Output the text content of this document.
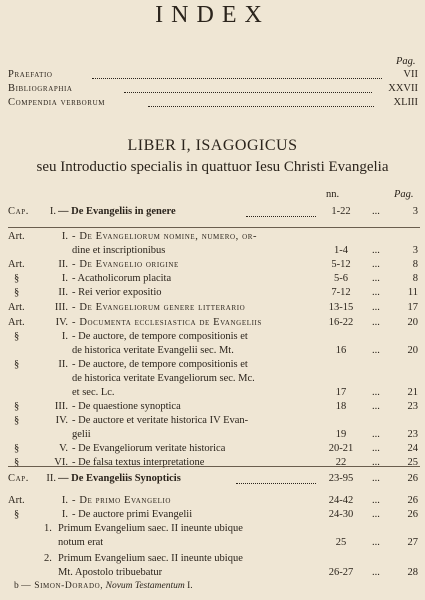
INDEX
Pag.
Praefatio	VII
Bibliographia	XXVII
Compendia verborum	XLIII
LIBER I, ISAGOGICUS
seu Introductio specialis in quattuor Iesu Christi Evangelia
nn.	Pag.
Cap.	I. — De Evangeliis in genere	1-22	...	3
Art.	I. - De Evangeliorum nomine, numero, or-
dine et inscriptionibus	1-4	...	3
Art.	II. - De Evangelio origine	5-12	...	8
§	I. - Acatholicorum placita	5-6	...	8
§	II. - Rei verior expositio	7-12	...	11
Art.	III. - De Evangeliorum genere litterario	13-15	...	17
Art.	IV. - Documenta ecclesiastica de Evangeliis	16-22	...	20
§	I. - De auctore, de tempore compositionis et
de historica veritate Evangelii sec. Mt.	16	...	20
§	II. - De auctore, de tempore compositionis et
de historica veritate Evangeliorum sec. Mc.
et sec. Lc.	17	...	21
§	III. - De quaestione synoptica	18	...	23
§	IV. - De auctore et veritate historica IV Evan-
gelii	19	...	23
§	V. - De Evangeliorum veritate historica	20-21	...	24
§	VI. - De falsa textus interpretatione	22	...	25
Cap.	II. — De Evangeliis Synopticis	23-95	...	26
Art.	I. - De primo Evangelio	24-42	...	26
§	I. - De auctore primi Evangelii	24-30	...	26
1. Primum Evangelium saec. II ineunte ubique
notum erat	25	...	27
2. Primum Evangelium saec. II ineunte ubique
Mt. Apostolo tribuebatur	26-27	...	28
b — Simon-Dorado, Novum Testamentum I.
